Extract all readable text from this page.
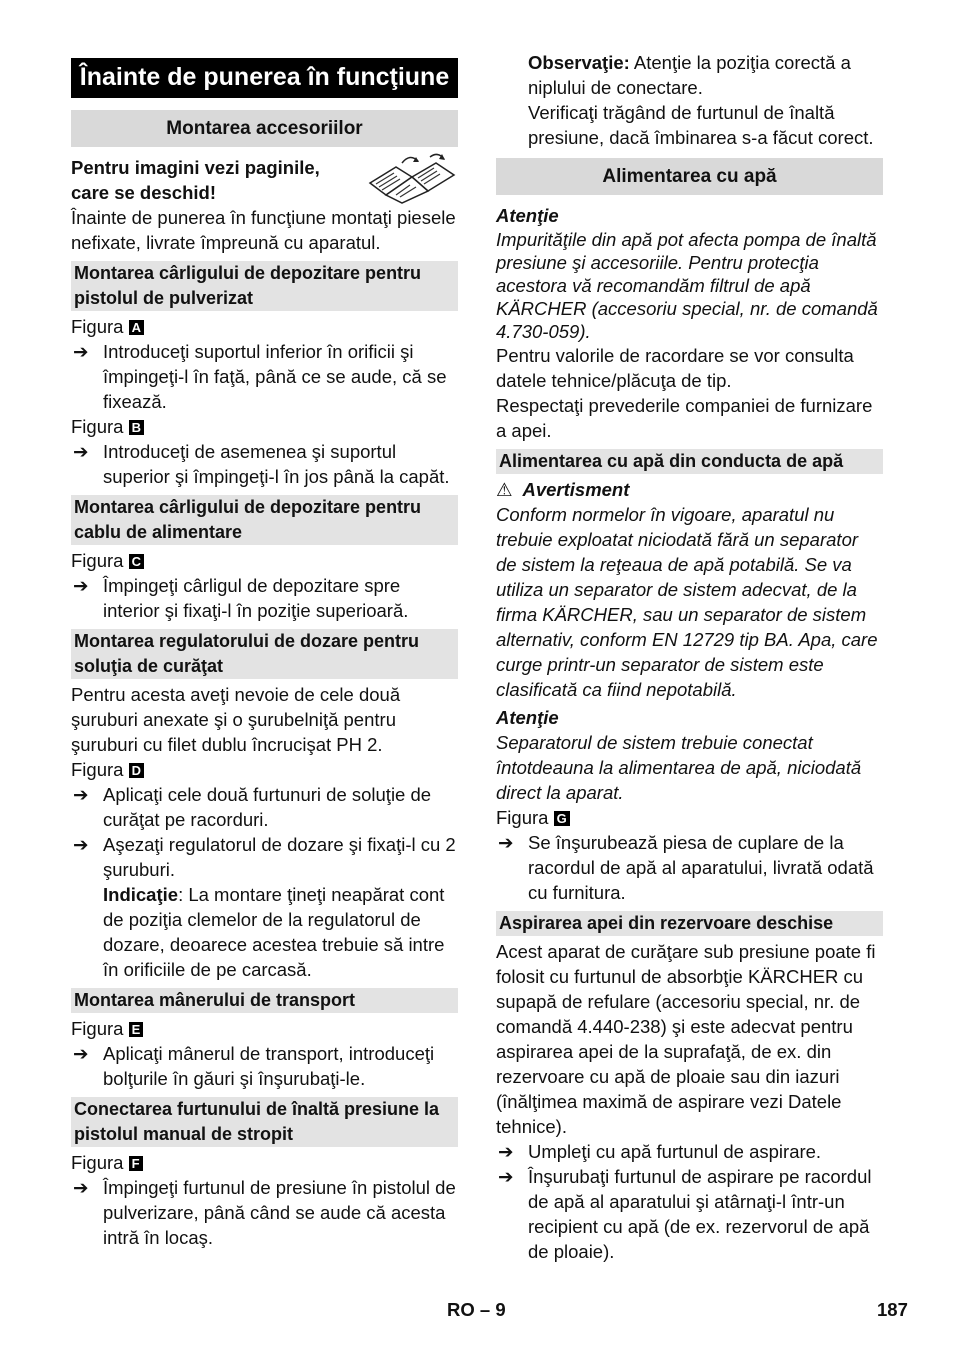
Înainte de punerea în funcţiune
Montarea accesoriilor

Pentru imagini vezi paginile, care se deschid!

Înainte de punerea în funcţiune montaţi piesele nefixate, livrate împreună cu aparatul.

Montarea cârligului de depozitare pentru pistolul de pulverizat

Figura A

➔ Introduceţi suportul inferior în orificii şi împingeţi-l în faţă, până ce se aude, că se fixează.

Figura B

➔ Introduceţi de asemenea şi suportul superior şi împingeţi-l în jos până la capăt.
Montarea cârligului de depozitare pentru cablu de alimentare

Figura C

➔ Împingeţi cârligul de depozitare spre interior şi fixaţi-l în poziţie superioară.
Montarea regulatorului de dozare pentru soluţia de curăţat

Pentru acesta aveţi nevoie de cele două şuruburi anexate şi o şurubelniţă pentru şuruburi cu filet dublu încrucişat PH 2.

Figura D

➔ Aplicaţi cele două furtunuri de soluţie de curăţat pe racorduri.
➔ Aşezaţi regulatorul de dozare şi fixaţi-l cu 2 şuruburi.
Indicaţie: La montare ţineţi neapărat cont de poziţia clemelor de la regulatorul de dozare, deoarece acestea trebuie să intre în orificiile de pe carcasă.
Montarea mânerului de transport

Figura E

➔ Aplicaţi mânerul de transport, introduceţi bolţurile în găuri şi înşurubaţi-le.
Conectarea furtunului de înaltă presiune la pistolul manual de stropit

Figura F

➔ Împingeţi furtunul de presiune în pistolul de pulverizare, până când se aude că acesta intră în locaş.
Observaţie: Atenţie la poziţia corectă a niplului de conectare.

Verificaţi trăgând de furtunul de înaltă presiune, dacă îmbinarea s-a făcut corect.

Alimentarea cu apă

Atenţie

Impurităţile din apă pot afecta pompa de înaltă presiune şi accesoriile. Pentru protecţia acestora vă recomandăm filtrul de apă KÄRCHER (accesoriu special, nr. de comandă 4.730-059).

Pentru valorile de racordare se vor consulta datele tehnice/plăcuţa de tip.

Respectaţi prevederile companiei de furnizare a apei.

Alimentarea cu apă din conducta de apă

⚠ Avertisment

Conform normelor în vigoare, aparatul nu trebuie exploatat niciodată fără un separator de sistem la reţeaua de apă potabilă. Se va utiliza un separator de sistem adecvat, de la firma KÄRCHER, sau un separator de sistem alternativ, conform EN 12729 tip BA. Apa, care curge printr-un separator de sistem este clasificată ca fiind nepotabilă.

Atenţie

Separatorul de sistem trebuie conectat întotdeauna la alimentarea de apă, niciodată direct la aparat.

Figura G

➔ Se înşurubează piesa de cuplare de la racordul de apă al aparatului, livrată odată cu furnitura.
Aspirarea apei din rezervoare deschise

Acest aparat de curăţare sub presiune poate fi folosit cu furtunul de absorbţie KÄRCHER cu supapă de refulare (accesoriu special, nr. de comandă 4.440-238) şi este adecvat pentru aspirarea apei de la suprafaţă, de ex. din rezervoare cu apă de ploaie sau din iazuri (înălţimea maximă de aspirare vezi Datele tehnice).

➔ Umpleţi cu apă furtunul de aspirare.
➔ Înşurubaţi furtunul de aspirare pe racordul de apă al aparatului şi atârnaţi-l într-un recipient cu apă (de ex. rezervorul de apă de ploaie).
RO – 9	187
